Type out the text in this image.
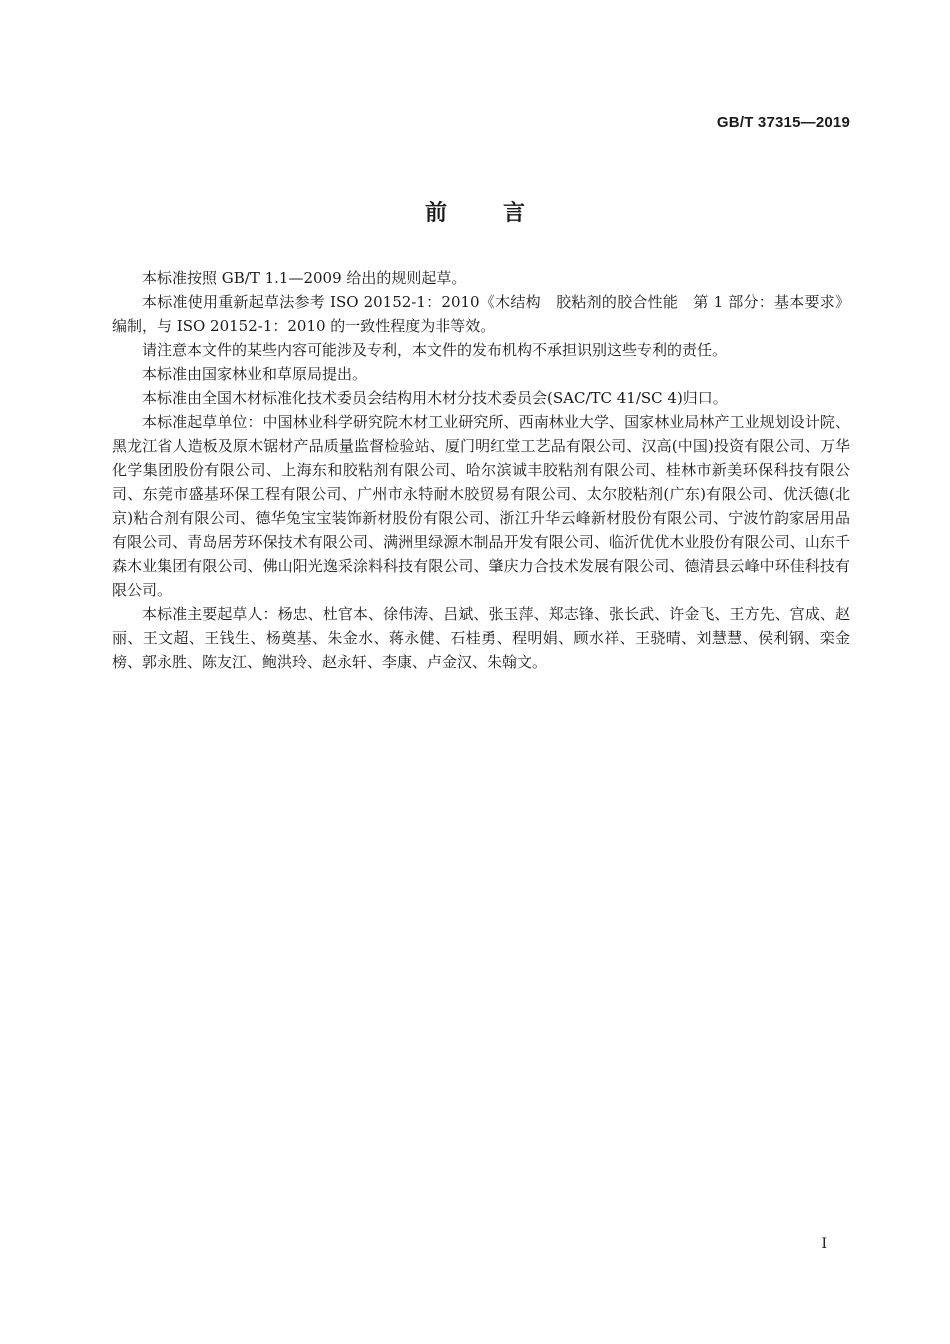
GB/T 37315—2019
前言

本标准按照 GB/T 1.1—2009 给出的规则起草。

本标准使用重新起草法参考 ISO 20152-1：2010《木结构　胶粘剂的胶合性能　第 1 部分：基本要求》编制，与 ISO 20152-1：2010 的一致性程度为非等效。

请注意本文件的某些内容可能涉及专利，本文件的发布机构不承担识别这些专利的责任。

本标准由国家林业和草原局提出。

本标准由全国木材标准化技术委员会结构用木材分技术委员会(SAC/TC 41/SC 4)归口。

本标准起草单位：中国林业科学研究院木材工业研究所、西南林业大学、国家林业局林产工业规划设计院、黑龙江省人造板及原木锯材产品质量监督检验站、厦门明红堂工艺品有限公司、汉高(中国)投资有限公司、万华化学集团股份有限公司、上海东和胶粘剂有限公司、哈尔滨诚丰胶粘剂有限公司、桂林市新美环保科技有限公司、东莞市盛基环保工程有限公司、广州市永特耐木胶贸易有限公司、太尔胶粘剂(广东)有限公司、优沃德(北京)粘合剂有限公司、德华兔宝宝装饰新材股份有限公司、浙江升华云峰新材股份有限公司、宁波竹韵家居用品有限公司、青岛居芳环保技术有限公司、满洲里绿源木制品开发有限公司、临沂优优木业股份有限公司、山东千森木业集团有限公司、佛山阳光逸采涂料科技有限公司、肇庆力合技术发展有限公司、德清县云峰中环佳科技有限公司。

本标准主要起草人：杨忠、杜官本、徐伟涛、吕斌、张玉萍、郑志锋、张长武、许金飞、王方先、宫成、赵丽、王文超、王钱生、杨奠基、朱金水、蒋永健、石桂勇、程明娟、顾水祥、王骁晴、刘慧慧、侯利钢、栾金榜、郭永胜、陈友江、鲍洪玲、赵永轩、李康、卢金汉、朱翰文。

I
